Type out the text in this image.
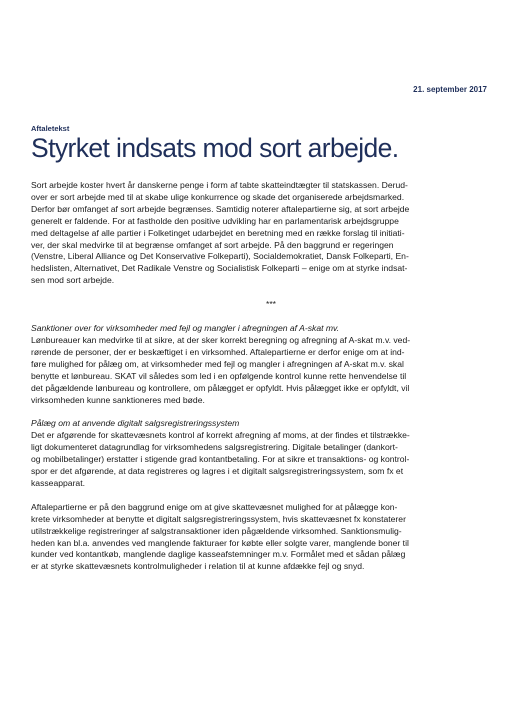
21. september 2017
Aftaletekst
Styrket indsats mod sort arbejde.

Sort arbejde koster hvert år danskerne penge i form af tabte skatteindtægter til statskassen. Derud-
over er sort arbejde med til at skabe ulige konkurrence og skade det organiserede arbejdsmarked.
Derfor bør omfanget af sort arbejde begrænses. Samtidig noterer aftalepartierne sig, at sort arbejde
generelt er faldende. For at fastholde den positive udvikling har en parlamentarisk arbejdsgruppe
med deltagelse af alle partier i Folketinget udarbejdet en beretning med en række forslag til initiati-
ver, der skal medvirke til at begrænse omfanget af sort arbejde. På den baggrund er regeringen
(Venstre, Liberal Alliance og Det Konservative Folkeparti), Socialdemokratiet, Dansk Folkeparti, En-
hedslisten, Alternativet, Det Radikale Venstre og Socialistisk Folkeparti – enige om at styrke indsat-
sen mod sort arbejde.

***

Sanktioner over for virksomheder med fejl og mangler i afregningen af A-skat mv.

Lønbureauer kan medvirke til at sikre, at der sker korrekt beregning og afregning af A-skat m.v. ved-
rørende de personer, der er beskæftiget i en virksomhed. Aftalepartierne er derfor enige om at ind-
føre mulighed for pålæg om, at virksomheder med fejl og mangler i afregningen af A-skat m.v. skal
benytte et lønbureau. SKAT vil således som led i en opfølgende kontrol kunne rette henvendelse til
det pågældende lønbureau og kontrollere, om pålægget er opfyldt. Hvis pålægget ikke er opfyldt, vil
virksomheden kunne sanktioneres med bøde.

Pålæg om at anvende digitalt salgsregistreringssystem

Det er afgørende for skattevæsnets kontrol af korrekt afregning af moms, at der findes et tilstrække-
ligt dokumenteret datagrundlag for virksomhedens salgsregistrering. Digitale betalinger (dankort-
og mobilbetalinger) erstatter i stigende grad kontantbetaling. For at sikre et transaktions- og kontrol-
spor er det afgørende, at data registreres og lagres i et digitalt salgsregistreringssystem, som fx et
kasseapparat.

Aftalepartierne er på den baggrund enige om at give skattevæsnet mulighed for at pålægge kon-
krete virksomheder at benytte et digitalt salgsregistreringssystem, hvis skattevæsnet fx konstaterer
utilstrækkelige registreringer af salgstransaktioner iden pågældende virksomhed. Sanktionsmulig-
heden kan bl.a. anvendes ved manglende fakturaer for købte eller solgte varer, manglende boner til
kunder ved kontantkøb, manglende daglige kasseafstemninger m.v. Formålet med et sådan pålæg
er at styrke skattevæsnets kontrolmuligheder i relation til at kunne afdække fejl og snyd.
